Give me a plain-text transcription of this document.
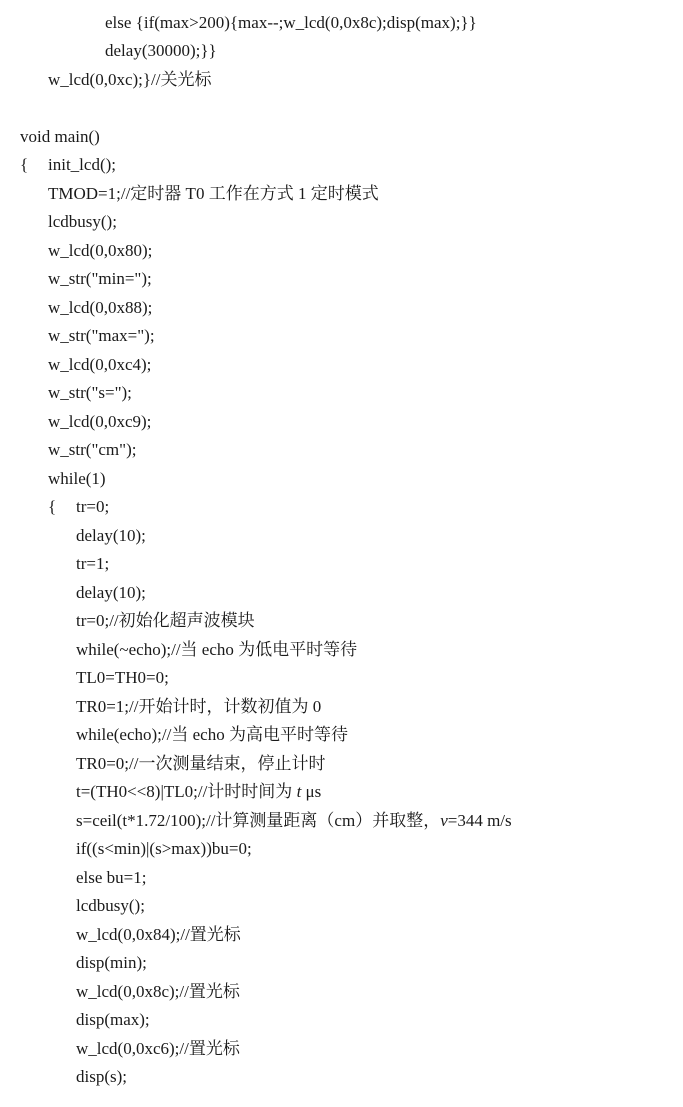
else {if(max>200){max--;w_lcd(0,0x8c);disp(max);}}
delay(30000);}}
w_lcd(0,0xc);}//关光标
void main()
{ init_lcd();
TMOD=1;//定时器 T0 工作在方式 1 定时模式
lcdbusy();
w_lcd(0,0x80);
w_str("min=");
w_lcd(0,0x88);
w_str("max=");
w_lcd(0,0xc4);
w_str("s=");
w_lcd(0,0xc9);
w_str("cm");
while(1)
{ tr=0;
delay(10);
tr=1;
delay(10);
tr=0;//初始化超声波模块
while(~echo);//当 echo 为低电平时等待
TL0=TH0=0;
TR0=1;//开始计时，计数初值为 0
while(echo);//当 echo 为高电平时等待
TR0=0;//一次测量结束，停止计时
t=(TH0<<8)|TL0;//计时时间为 t μs
s=ceil(t*1.72/100);//计算测量距离（cm）并取整，v=344 m/s
if((s<min)|(s>max))bu=0;
else bu=1;
lcdbusy();
w_lcd(0,0x84);//置光标
disp(min);
w_lcd(0,0x8c);//置光标
disp(max);
w_lcd(0,0xc6);//置光标
disp(s);
